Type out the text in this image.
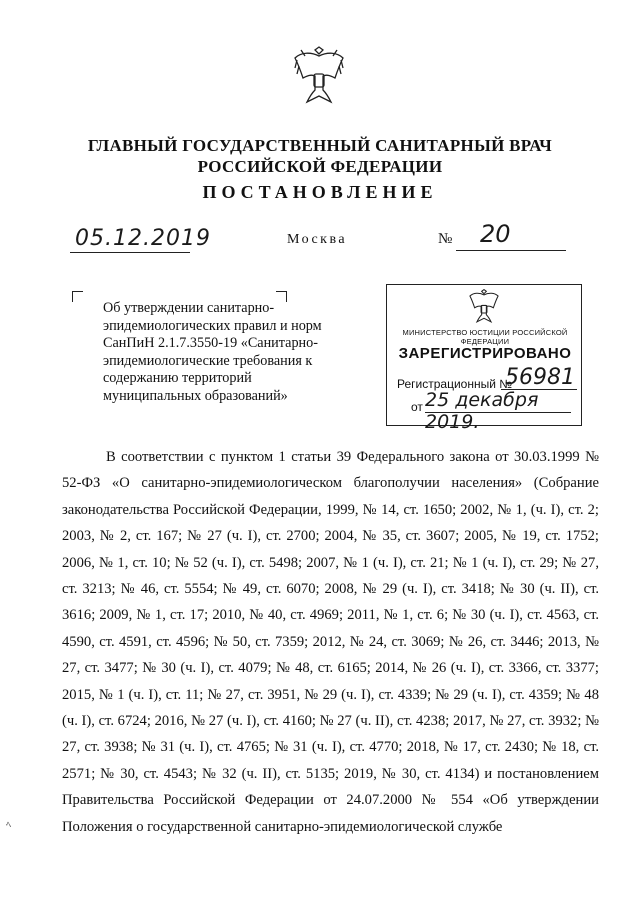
ГЛАВНЫЙ ГОСУДАРСТВЕННЫЙ САНИТАРНЫЙ ВРАЧ
РОССИЙСКОЙ ФЕДЕРАЦИИ
ПОСТАНОВЛЕНИЕ
05.12.2019	Москва	№ 20
Об утверждении санитарно-эпидемиологических правил и норм СанПиН 2.1.7.3550-19 «Санитарно-эпидемиологические требования к содержанию территорий муниципальных образований»
МИНИСТЕРСТВО ЮСТИЦИИ РОССИЙСКОЙ ФЕДЕРАЦИИ
ЗАРЕГИСТРИРОВАНО
Регистрационный №
56981
от 25 декабря 2019.
В соответствии с пунктом 1 статьи 39 Федерального закона от 30.03.1999 № 52-ФЗ «О санитарно-эпидемиологическом благополучии населения» (Собрание законодательства Российской Федерации, 1999, № 14, ст. 1650; 2002, № 1, (ч. I), ст. 2; 2003, № 2, ст. 167; № 27 (ч. I), ст. 2700; 2004, № 35, ст. 3607; 2005, № 19, ст. 1752; 2006, № 1, ст. 10; № 52 (ч. I), ст. 5498; 2007, № 1 (ч. I), ст. 21; № 1 (ч. I), ст. 29; № 27, ст. 3213; № 46, ст. 5554; № 49, ст. 6070; 2008, № 29 (ч. I), ст. 3418; № 30 (ч. II), ст. 3616; 2009, № 1, ст. 17; 2010, № 40, ст. 4969; 2011, № 1, ст. 6; № 30 (ч. I), ст. 4563, ст. 4590, ст. 4591, ст. 4596; № 50, ст. 7359; 2012, № 24, ст. 3069; № 26, ст. 3446; 2013, № 27, ст. 3477; № 30 (ч. I), ст. 4079; № 48, ст. 6165; 2014, № 26 (ч. I), ст. 3366, ст. 3377; 2015, № 1 (ч. I), ст. 11; № 27, ст. 3951, № 29 (ч. I), ст. 4339; № 29 (ч. I), ст. 4359; № 48 (ч. I), ст. 6724; 2016, № 27 (ч. I), ст. 4160; № 27 (ч. II), ст. 4238; 2017, № 27, ст. 3932; № 27, ст. 3938; № 31 (ч. I), ст. 4765; № 31 (ч. I), ст. 4770; 2018, № 17, ст. 2430; № 18, ст. 2571; № 30, ст. 4543; № 32 (ч. II), ст. 5135; 2019, № 30, ст. 4134) и постановлением Правительства Российской Федерации от 24.07.2000 № 554 «Об утверждении Положения о государственной санитарно-эпидемиологической службе
ﾍ
